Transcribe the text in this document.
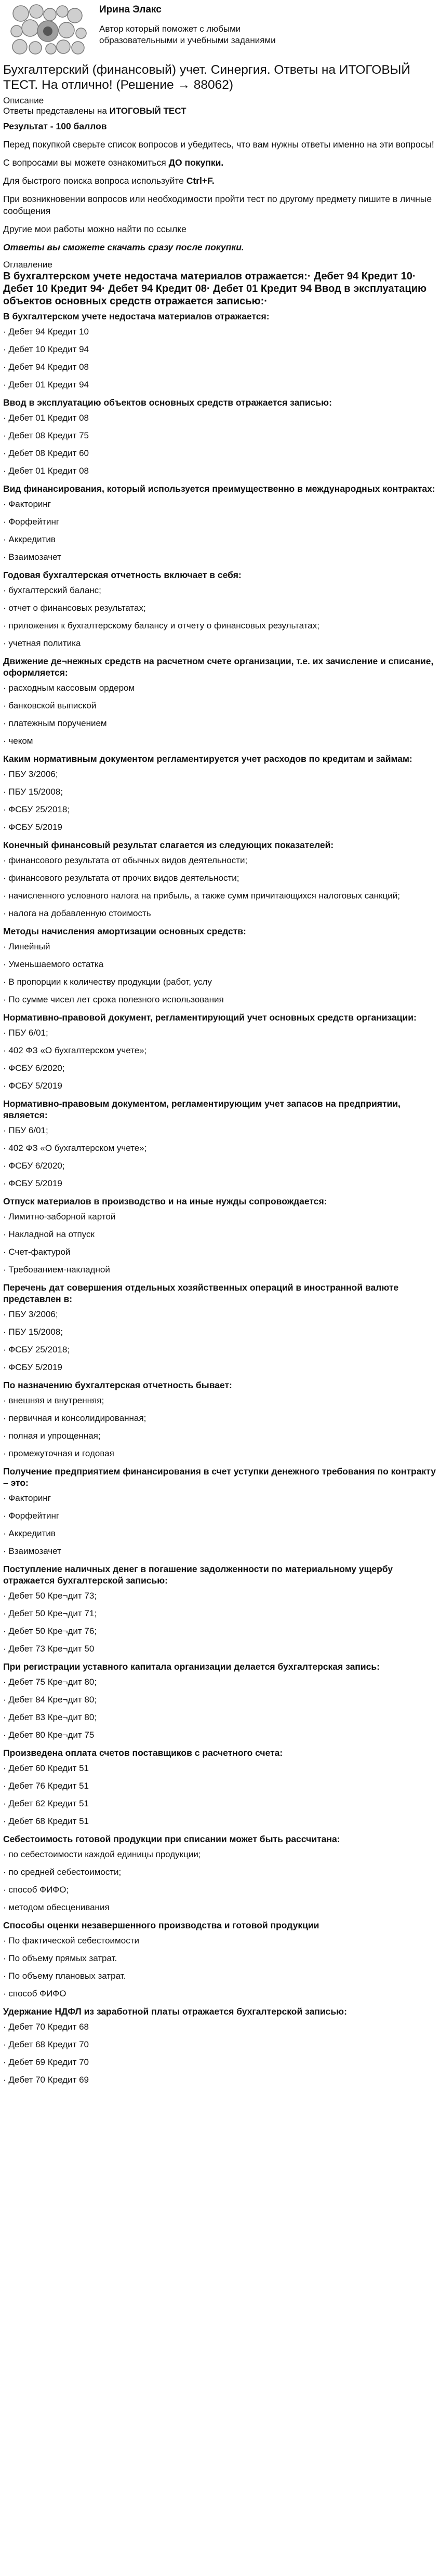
Ирина Элакс
Автор который поможет с любыми образовательными и учебными заданиями
Бухгалтерский (финансовый) учет. Синергия. Ответы на ИТОГОВЫЙ ТЕСТ. На отлично! (Решение → 88062)
Описание
Ответы представлены на ИТОГОВЫЙ ТЕСТ
Результат - 100 баллов
Перед покупкой сверьте список вопросов и убедитесь, что вам нужны ответы именно на эти вопросы!
С вопросами вы можете ознакомиться ДО покупки.
Для быстрого поиска вопроса используйте Ctrl+F.
При возникновении вопросов или необходимости пройти тест по другому предмету пишите в личные сообщения
Другие мои работы можно найти по ссылке
Ответы вы сможете скачать сразу после покупки.
Оглавление
В бухгалтерском учете недостача материалов отражается:· Дебет 94 Кредит 10· Дебет 10 Кредит 94· Дебет 94 Кредит 08· Дебет 01 Кредит 94 Ввод в эксплуатацию объектов основных средств отражается записью:·
В бухгалтерском учете недостача материалов отражается:
· Дебет 94 Кредит 10
· Дебет 10 Кредит 94
· Дебет 94 Кредит 08
· Дебет 01 Кредит 94
Ввод в эксплуатацию объектов основных средств отражается записью:
· Дебет 01 Кредит 08
· Дебет 08 Кредит 75
· Дебет 08 Кредит 60
· Дебет 01 Кредит 08
Вид финансирования, который используется преимущественно в международных контрактах:
· Факторинг
· Форфейтинг
· Аккредитив
· Взаимозачет
Годовая бухгалтерская отчетность включает в себя:
· бухгалтерский баланс;
· отчет о финансовых результатах;
· приложения к бухгалтерскому балансу и отчету о финансовых результатах;
· учетная политика
Движение де¬нежных средств на расчетном счете организации, т.е. их зачисление и списание, оформляется:
· расходным кассовым ордером
· банковской выпиской
· платежным поручением
· чеком
Каким нормативным документом регламентируется учет расходов по кредитам и займам:
· ПБУ 3/2006;
· ПБУ 15/2008;
· ФСБУ 25/2018;
· ФСБУ 5/2019
Конечный финансовый результат слагается из следующих показателей:
· финансового результата от обычных видов деятельности;
· финансового результата от прочих видов деятельности;
· начисленного условного налога на прибыль, а также сумм причитающихся налоговых санкций;
· налога на добавленную стоимость
Методы начисления амортизации основных средств:
· Линейный
· Уменьшаемого остатка
· В пропорции к количеству продукции (работ, услу
· По сумме чисел лет срока полезного использования
Нормативно-правовой документ, регламентирующий учет основных средств организации:
· ПБУ 6/01;
· 402 ФЗ «О бухгалтерском учете»;
· ФСБУ 6/2020;
· ФСБУ 5/2019
Нормативно-правовым документом, регламентирующим учет запасов на предприятии, является:
· ПБУ 6/01;
· 402 ФЗ «О бухгалтерском учете»;
· ФСБУ 6/2020;
· ФСБУ 5/2019
Отпуск материалов в производство и на иные нужды сопровождается:
· Лимитно-заборной картой
· Накладной на отпуск
· Счет-фактурой
· Требованием-накладной
Перечень дат совершения отдельных хозяйственных операций в иностранной валюте представлен в:
· ПБУ 3/2006;
· ПБУ 15/2008;
· ФСБУ 25/2018;
· ФСБУ 5/2019
По назначению бухгалтерская отчетность бывает:
· внешняя и внутренняя;
· первичная и консолидированная;
· полная и упрощенная;
· промежуточная и годовая
Получение предприятием финансирования в счет уступки денежного требования по контракту – это:
· Факторинг
· Форфейтинг
· Аккредитив
· Взаимозачет
Поступление наличных денег в погашение задолженности по материальному ущербу отражается бухгалтерской записью:
· Дебет 50 Кре¬дит 73;
· Дебет 50 Кре¬дит 71;
· Дебет 50 Кре¬дит 76;
· Дебет 73 Кре¬дит 50
При регистрации уставного капитала организации делается бухгалтерская запись:
· Дебет 75 Кре¬дит 80;
· Дебет 84 Кре¬дит 80;
· Дебет 83 Кре¬дит 80;
· Дебет 80 Кре¬дит 75
Произведена оплата счетов поставщиков с расчетного счета:
· Дебет 60 Кредит 51
· Дебет 76 Кредит 51
· Дебет 62 Кредит 51
· Дебет 68 Кредит 51
Себестоимость готовой продукции при списании может быть рассчитана:
· по себестоимости каждой единицы продукции;
· по средней себестоимости;
· способ ФИФО;
· методом обесценивания
Способы оценки незавершенного производства и готовой продукции
· По фактической себестоимости
· По объему прямых затрат.
· По объему плановых затрат.
· способ ФИФО
Удержание НДФЛ из заработной платы отражается бухгалтерской записью:
· Дебет 70 Кредит 68
· Дебет 68 Кредит 70
· Дебет 69 Кредит 70
· Дебет 70 Кредит 69
